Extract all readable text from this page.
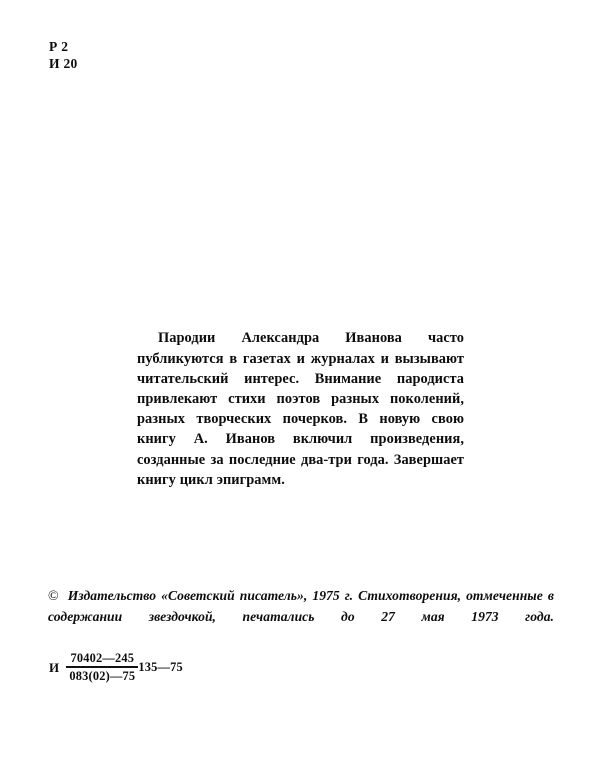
Р 2
И 20

Пародии Александра Иванова часто публикуются в газетах и журналах и вызывают читательский интерес. Внимание пародиста привлекают стихи поэтов разных поколений, разных творческих почерков. В новую свою книгу А. Иванов включил произведения, созданные за последние два-три года. Завершает книгу цикл эпиграмм.

© Издательство «Советский писатель», 1975 г. Стихотворения, отмеченные в содержании звездочкой, печатались до 27 мая 1973 года.

И $\frac{70402—245}{083(02)—75}$ 135—75
